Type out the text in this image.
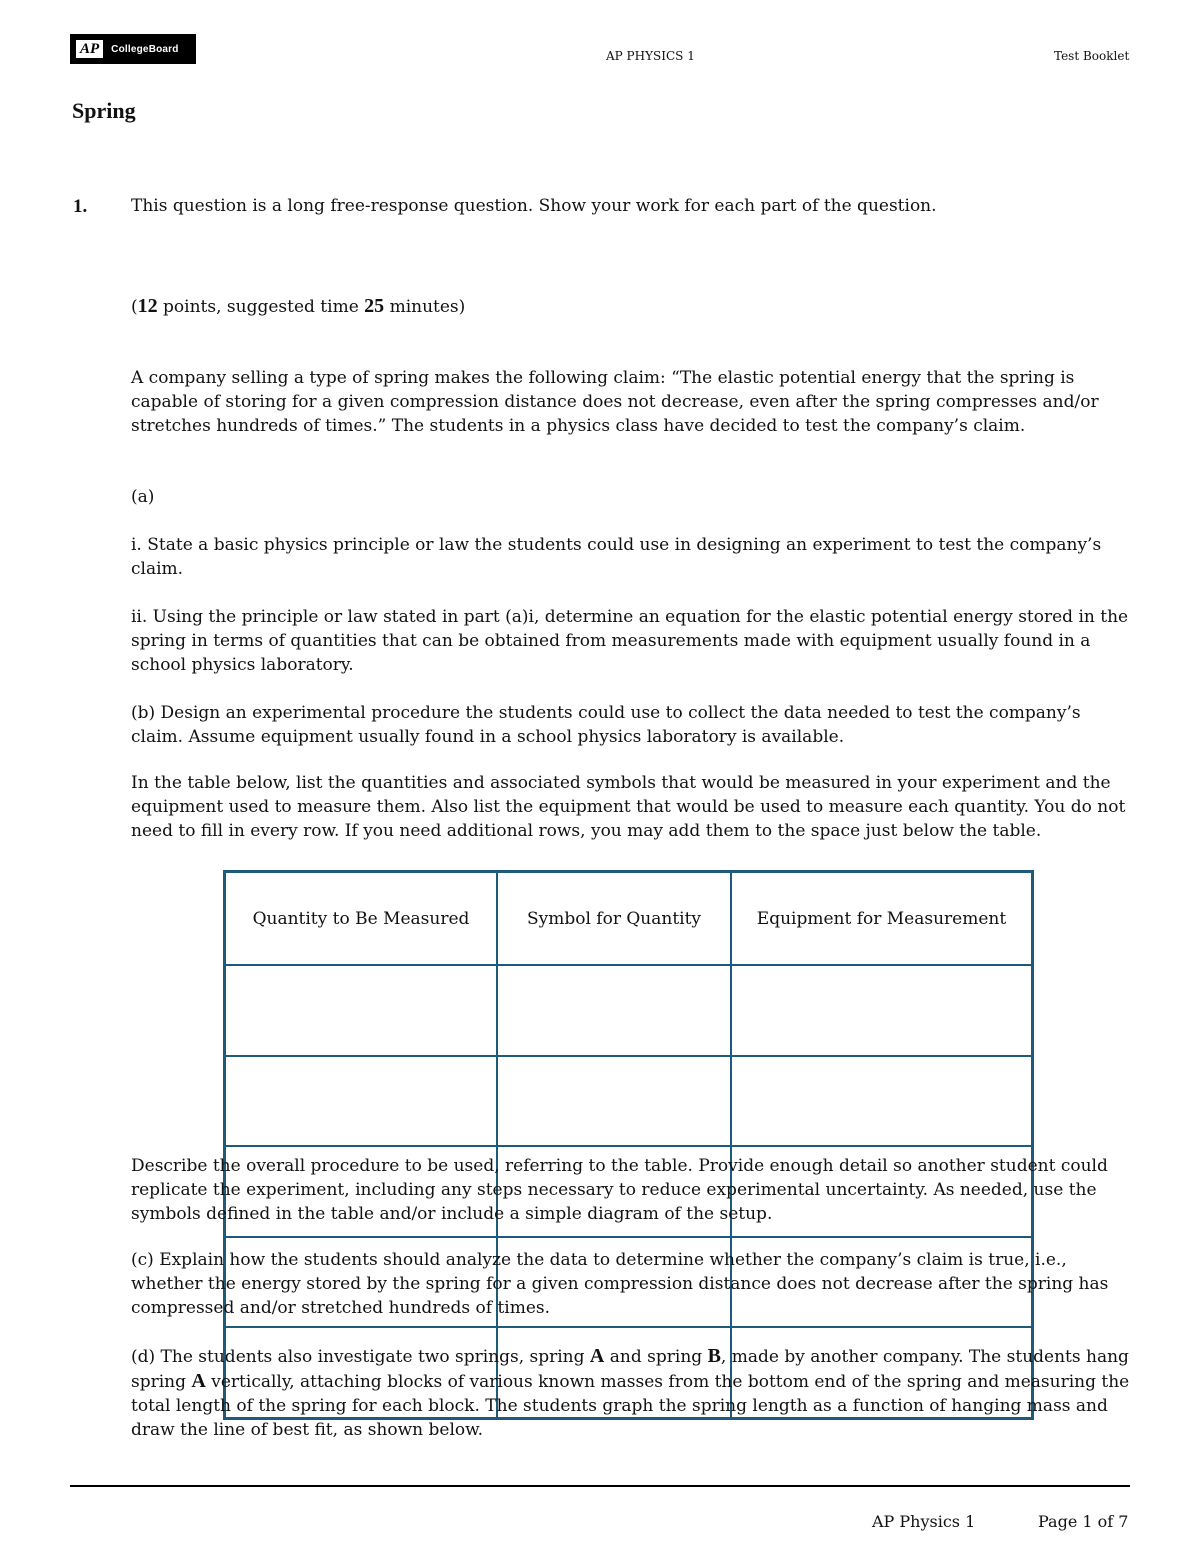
AP	CollegeBoard	AP PHYSICS 1	Test Booklet
Spring
1.	This question is a long free-response question. Show your work for each part of the question.

(12 points, suggested time 25 minutes)

A company selling a type of spring makes the following claim: “The elastic potential energy that the spring is capable of storing for a given compression distance does not decrease, even after the spring compresses and/or stretches hundreds of times.” The students in a physics class have decided to test the company’s claim.

(a)

i. State a basic physics principle or law the students could use in designing an experiment to test the company’s claim.

ii. Using the principle or law stated in part (a)i, determine an equation for the elastic potential energy stored in the spring in terms of quantities that can be obtained from measurements made with equipment usually found in a school physics laboratory.

(b) Design an experimental procedure the students could use to collect the data needed to test the company’s claim. Assume equipment usually found in a school physics laboratory is available.

In the table below, list the quantities and associated symbols that would be measured in your experiment and the equipment used to measure them. Also list the equipment that would be used to measure each quantity. You do not need to fill in every row. If you need additional rows, you may add them to the space just below the table.

Quantity to Be Measured	Symbol for Quantity	Equipment for Measurement

Describe the overall procedure to be used, referring to the table. Provide enough detail so another student could replicate the experiment, including any steps necessary to reduce experimental uncertainty. As needed, use the symbols defined in the table and/or include a simple diagram of the setup.

(c) Explain how the students should analyze the data to determine whether the company’s claim is true, i.e., whether the energy stored by the spring for a given compression distance does not decrease after the spring has compressed and/or stretched hundreds of times.

(d) The students also investigate two springs, spring A and spring B, made by another company. The students hang spring A vertically, attaching blocks of various known masses from the bottom end of the spring and measuring the total length of the spring for each block. The students graph the spring length as a function of hanging mass and draw the line of best fit, as shown below.

AP Physics 1	Page 1 of 7
